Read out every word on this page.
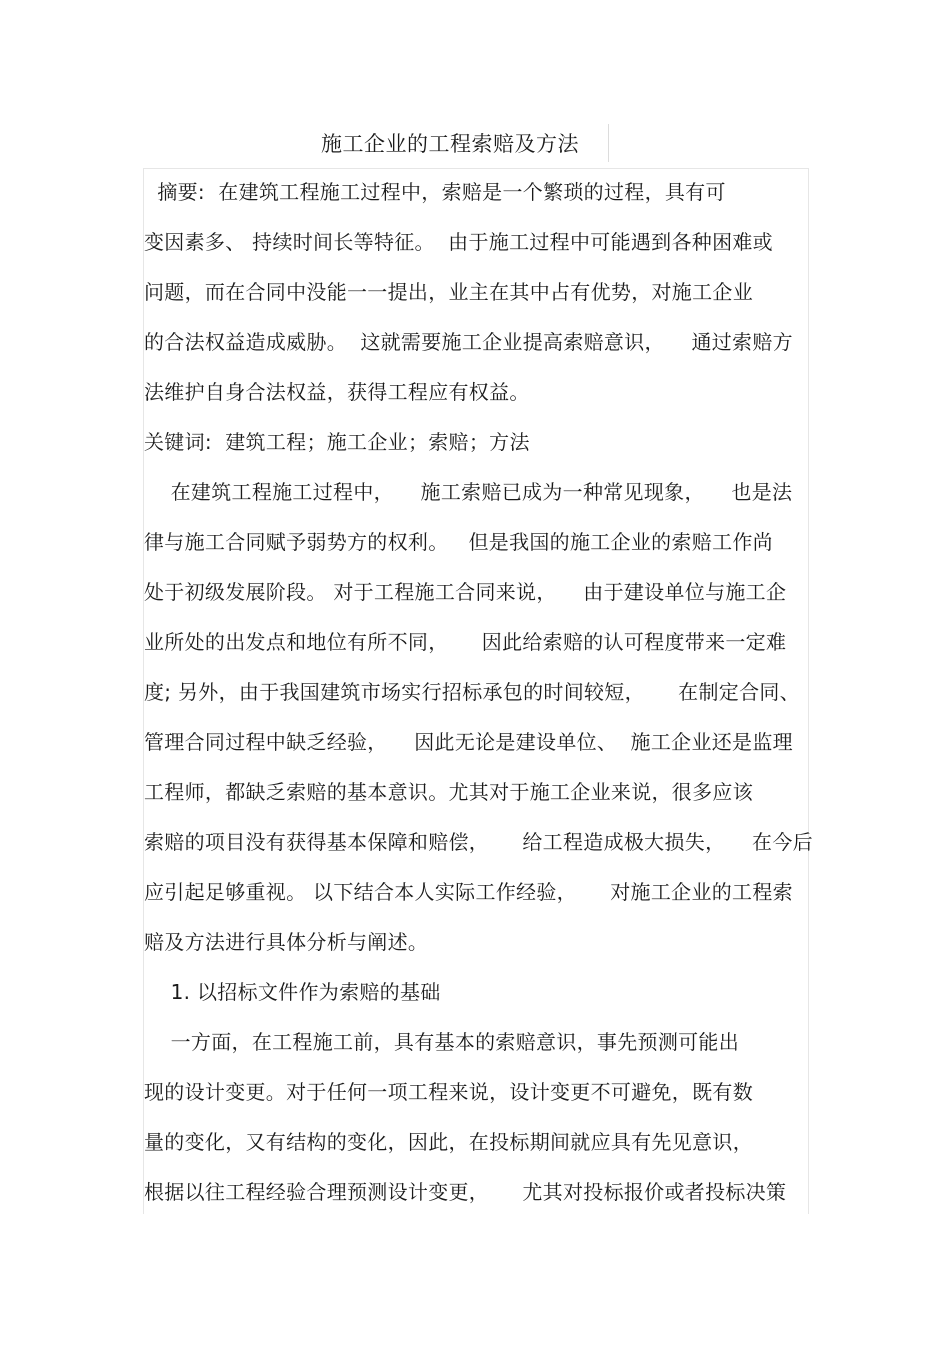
施工企业的工程索赔及方法
摘要:  在建筑工程施工过程中，索赔是一个繁琐的过程，具有可
变因素多、 持续时间长等特征。  由于施工过程中可能遇到各种困难或
问题，而在合同中没能一一提出，业主在其中占有优势，对施工企业
的合法权益造成威胁。  这就需要施工企业提高索赔意识，    通过索赔方
法维护自身合法权益，获得工程应有权益。
关键词:  建筑工程；施工企业；索赔；方法
在建筑工程施工过程中，    施工索赔已成为一种常见现象，    也是法
律与施工合同赋予弱势方的权利。   但是我国的施工企业的索赔工作尚
处于初级发展阶段。 对于工程施工合同来说，    由于建设单位与施工企
业所处的出发点和地位有所不同，     因此给索赔的认可程度带来一定难
度; 另外，由于我国建筑市场实行招标承包的时间较短，     在制定合同、
管理合同过程中缺乏经验，    因此无论是建设单位、  施工企业还是监理
工程师，都缺乏索赔的基本意识。尤其对于施工企业来说，很多应该
索赔的项目没有获得基本保障和赔偿，     给工程造成极大损失，    在今后
应引起足够重视。 以下结合本人实际工作经验，     对施工企业的工程索
赔及方法进行具体分析与阐述。
1. 以招标文件作为索赔的基础
一方面，在工程施工前，具有基本的索赔意识，事先预测可能出
现的设计变更。对于任何一项工程来说，设计变更不可避免，既有数
量的变化，又有结构的变化，因此，在投标期间就应具有先见意识，
根据以往工程经验合理预测设计变更，     尤其对投标报价或者投标决策
